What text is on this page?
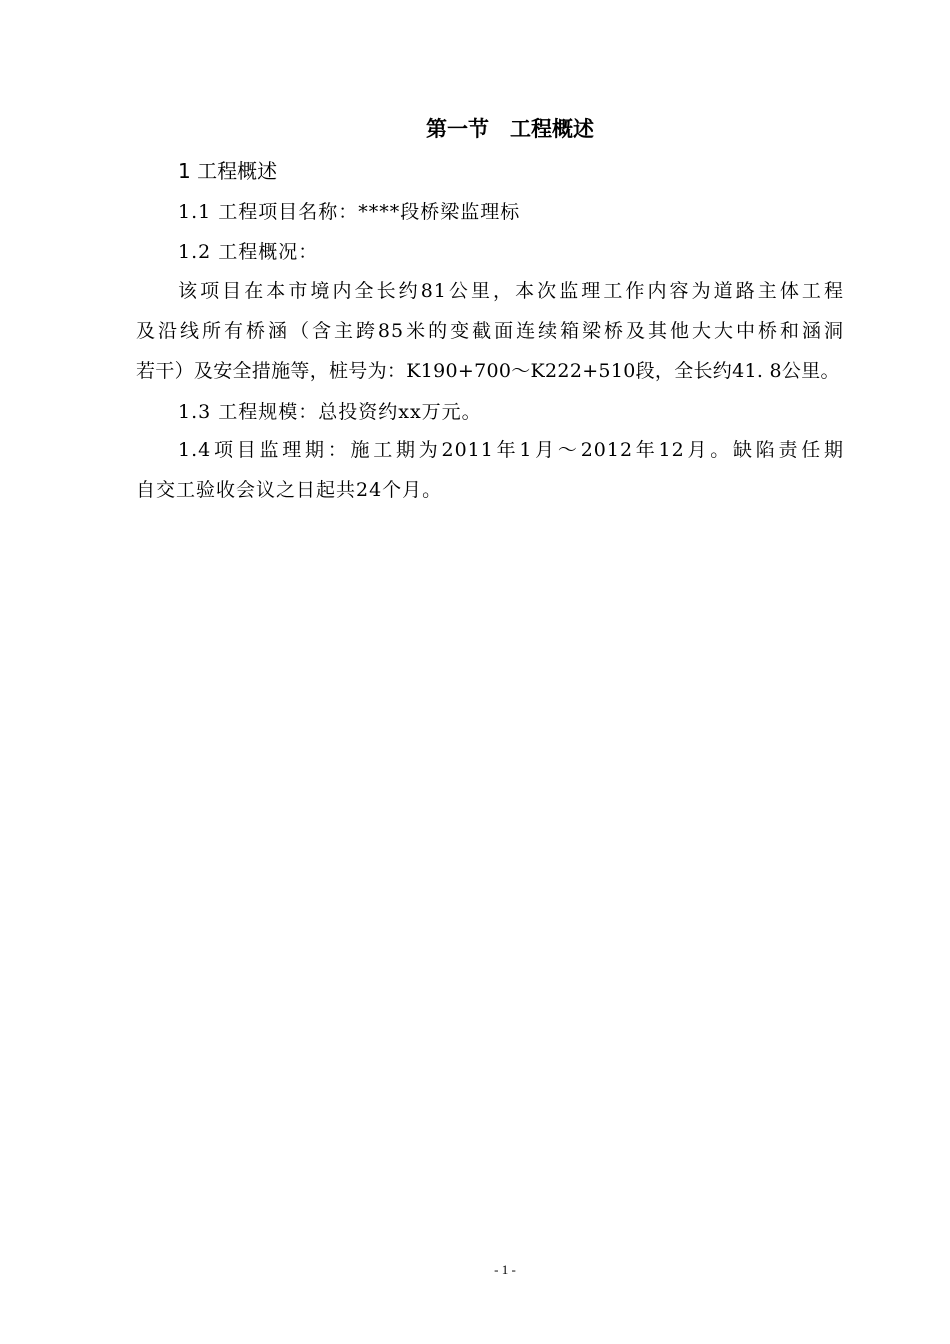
第一节　工程概述
1 工程概述
1.1 工程项目名称：****段桥梁监理标
1.2 工程概况：
该项目在本市境内全长约81公里，本次监理工作内容为道路主体工程
及沿线所有桥涵（含主跨85米的变截面连续箱梁桥及其他大大中桥和涵洞
若干）及安全措施等，桩号为：K190+700～K222+510段，全长约41. 8公里。
1.3 工程规模：总投资约xx万元。
1.4项目监理期：施工期为2011年1月～2012年12月。缺陷责任期
自交工验收会议之日起共24个月。
- 1 -
